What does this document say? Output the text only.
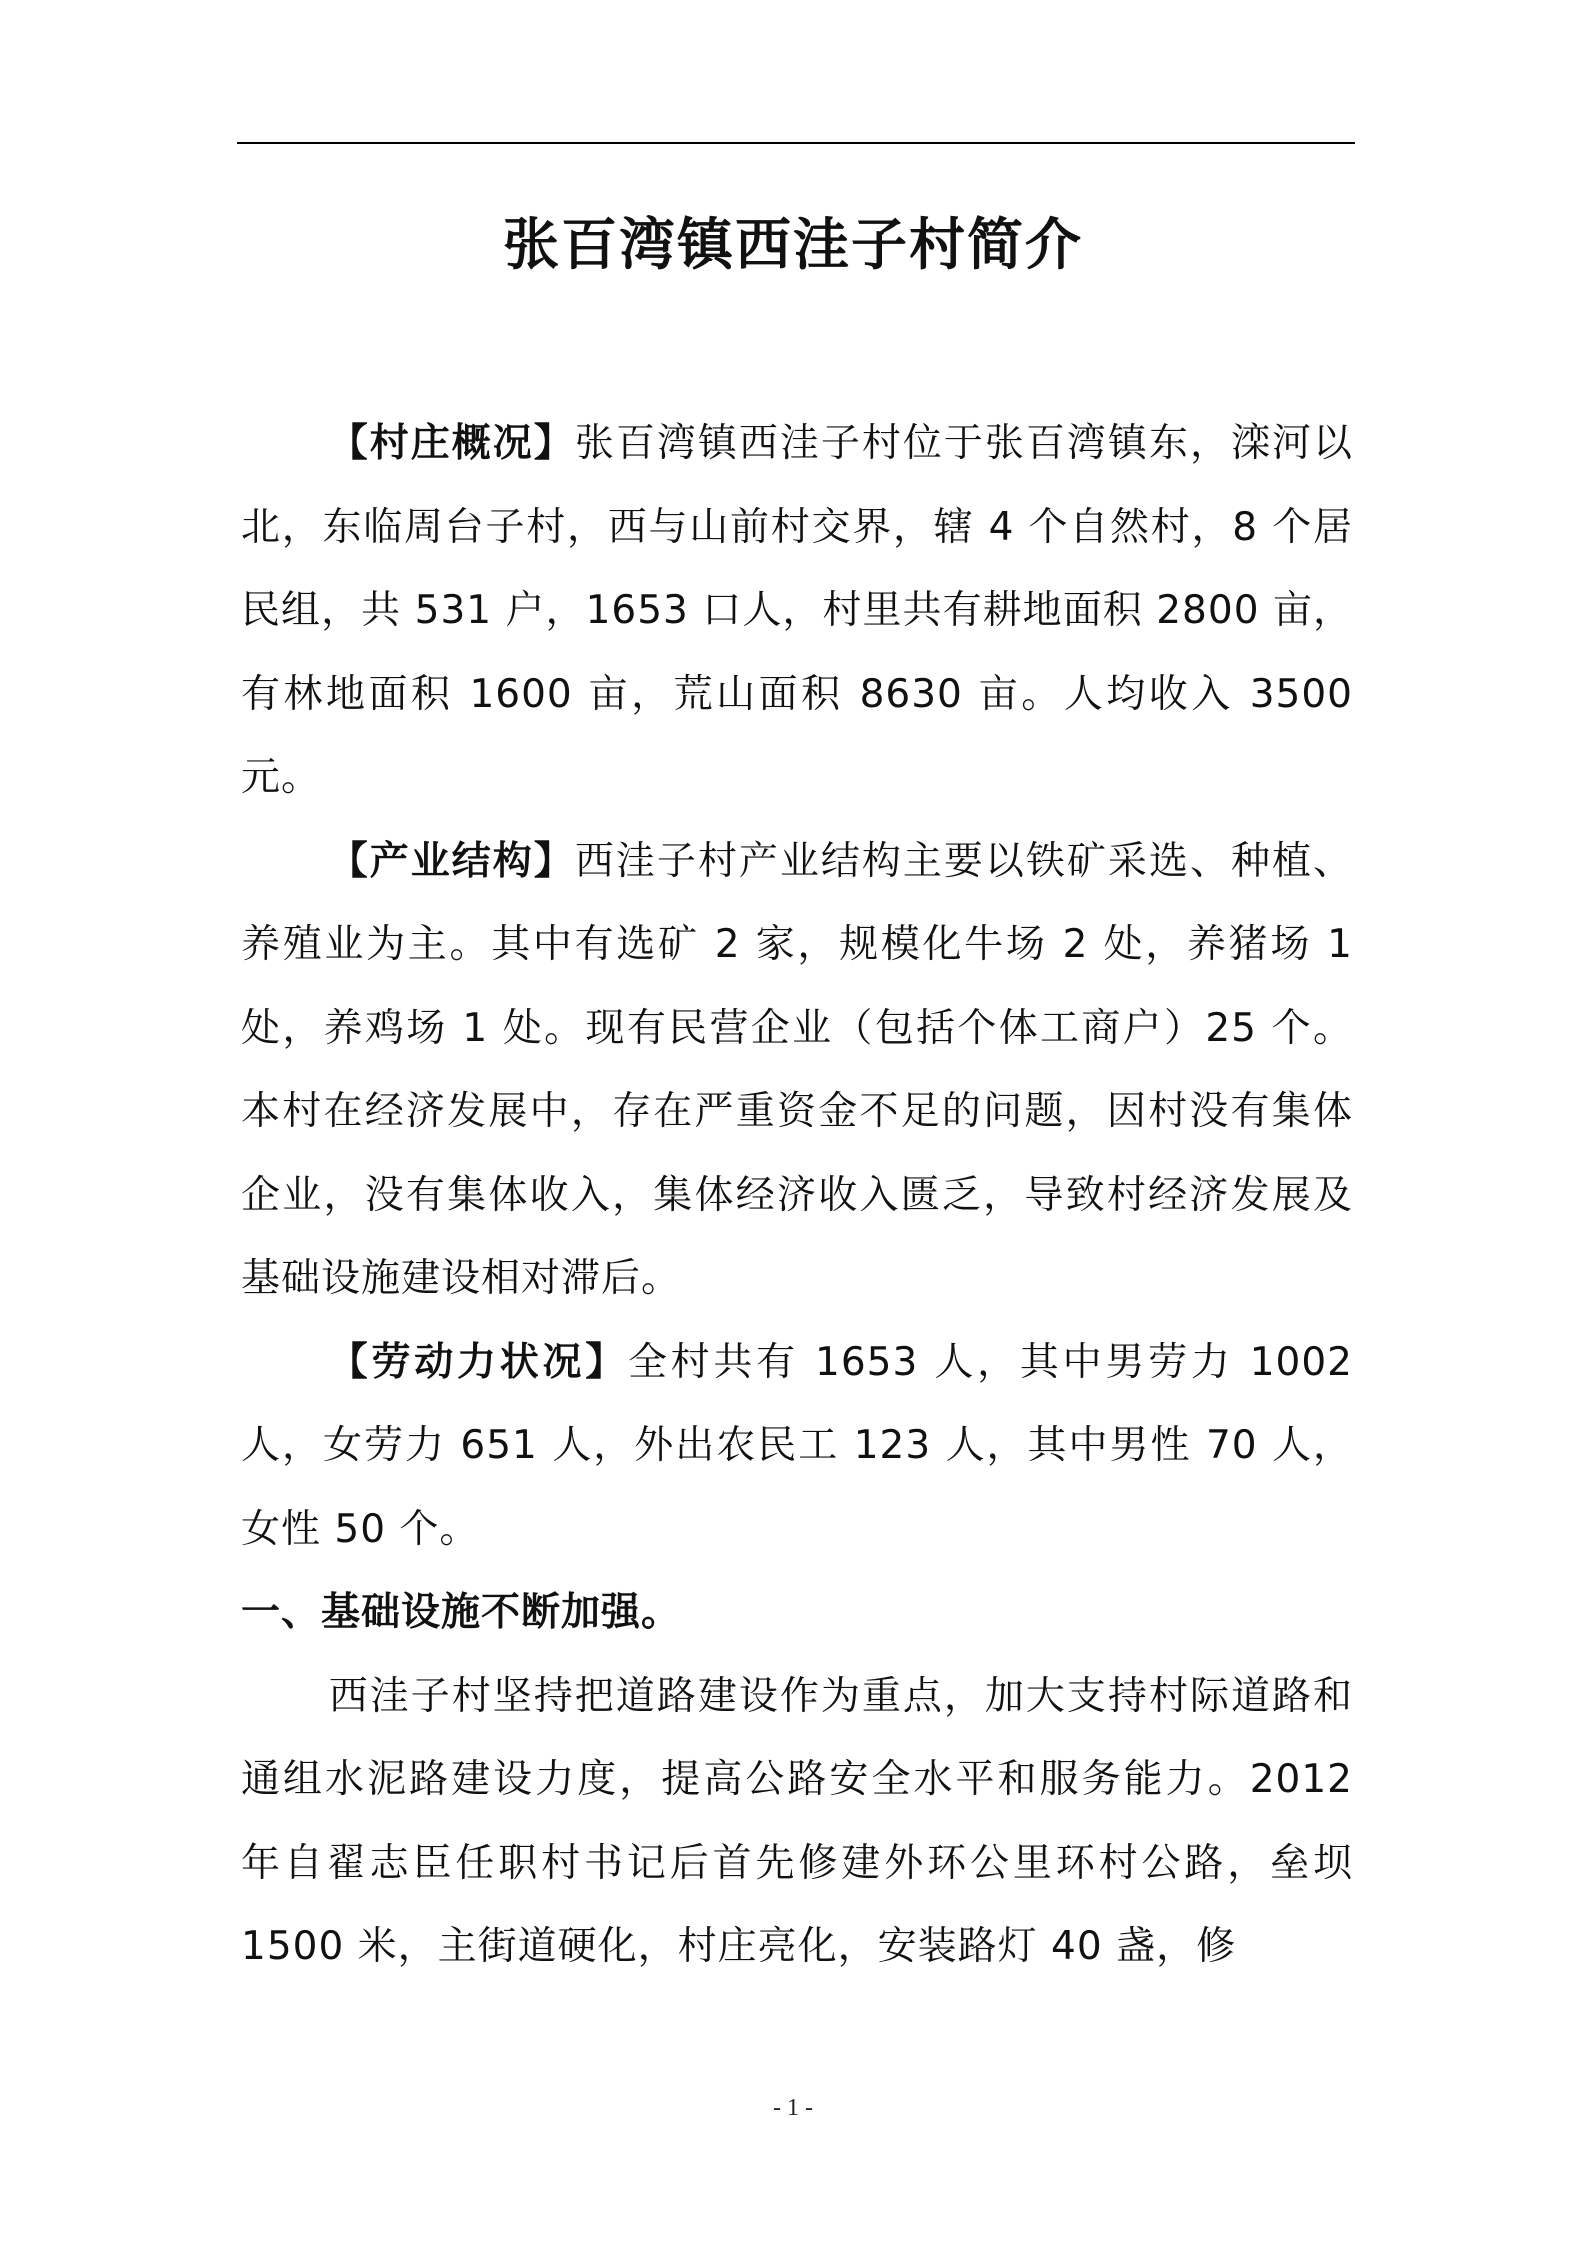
张百湾镇西洼子村简介

【村庄概况】张百湾镇西洼子村位于张百湾镇东，滦河以北，东临周台子村，西与山前村交界，辖 4 个自然村，8 个居民组，共 531 户，1653 口人，村里共有耕地面积 2800 亩，有林地面积 1600 亩，荒山面积 8630 亩。人均收入 3500 元。

【产业结构】西洼子村产业结构主要以铁矿采选、种植、养殖业为主。其中有选矿 2 家，规模化牛场 2 处，养猪场 1 处，养鸡场 1 处。现有民营企业（包括个体工商户）25 个。本村在经济发展中，存在严重资金不足的问题，因村没有集体企业，没有集体收入，集体经济收入匮乏，导致村经济发展及基础设施建设相对滞后。

【劳动力状况】全村共有 1653 人，其中男劳力 1002 人，女劳力 651 人，外出农民工 123 人，其中男性 70 人，女性 50 个。

一、基础设施不断加强。

西洼子村坚持把道路建设作为重点，加大支持村际道路和通组水泥路建设力度，提高公路安全水平和服务能力。2012 年自翟志臣任职村书记后首先修建外环公里环村公路，垒坝 1500 米，主街道硬化，村庄亮化，安装路灯 40 盏，修

- 1 -
